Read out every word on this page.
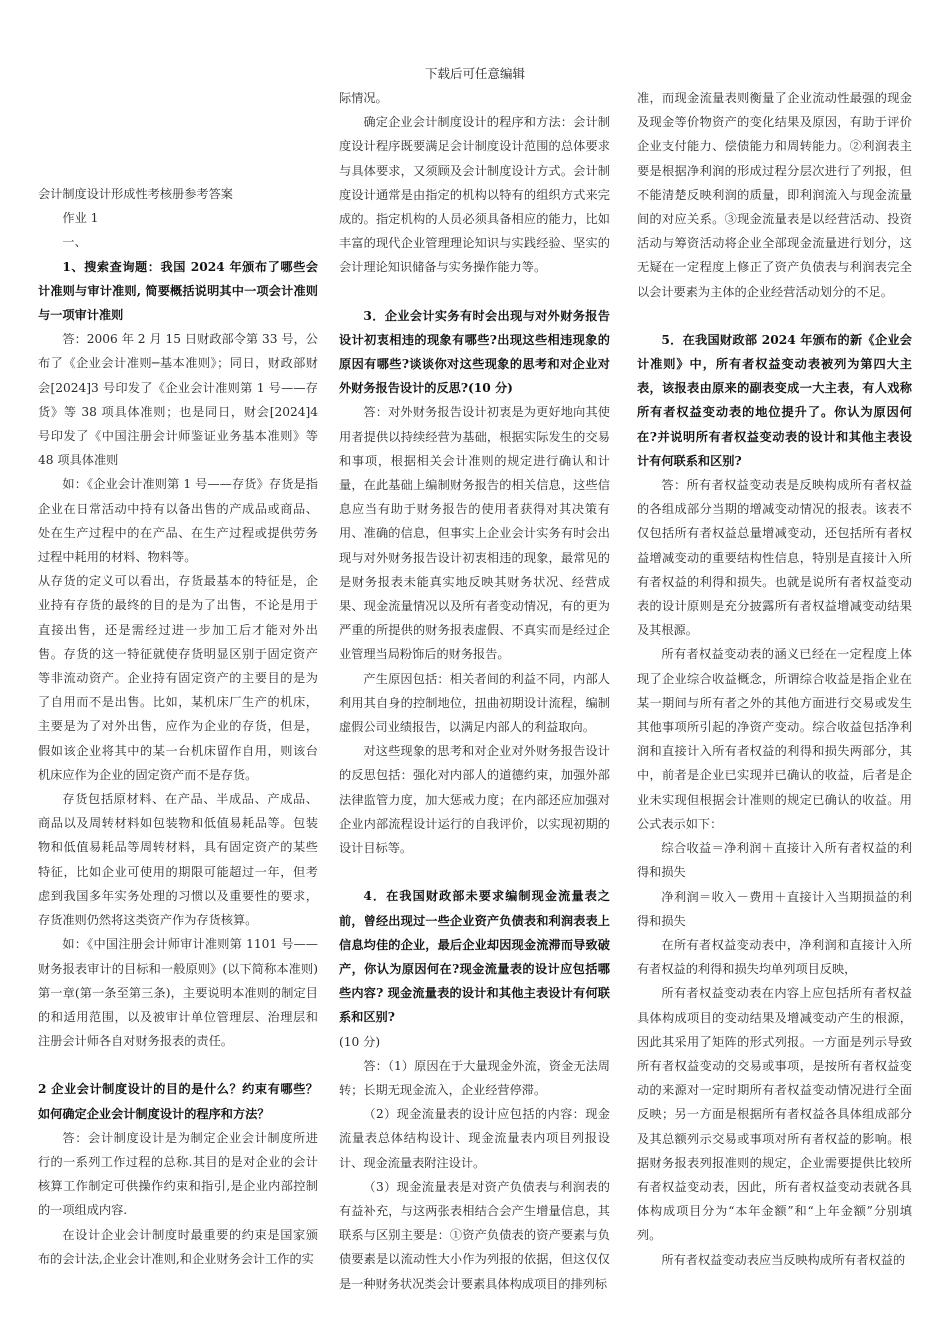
下载后可任意编辑

会计制度设计形成性考核册参考答案

作业 1

一、

1、搜索查询题：我国 2024 年颁布了哪些会计准则与审计准则, 简要概括说明其中一项会计准则与一项审计准则

答：2006 年 2 月 15 日财政部令第 33 号，公布了《企业会计准则─基本准则》；同日，财政部财会[2024]3 号印发了《企业会计准则第 1 号——存货》等 38 项具体准则；也是同日，财会[2024]4 号印发了《中国注册会计师鉴证业务基本准则》等 48 项具体准则

如：《企业会计准则第 1 号——存货》存货是指企业在日常活动中持有以备出售的产成品或商品、处在生产过程中的在产品、在生产过程或提供劳务过程中耗用的材料、物料等。

从存货的定义可以看出，存货最基本的特征是，企业持有存货的最终的目的是为了出售，不论是用于直接出售，还是需经过进一步加工后才能对外出售。存货的这一特征就使存货明显区别于固定资产等非流动资产。企业持有固定资产的主要目的是为了自用而不是出售。比如，某机床厂生产的机床，主要是为了对外出售，应作为企业的存货，但是，假如该企业将其中的某一台机床留作自用，则该台机床应作为企业的固定资产而不是存货。

存货包括原材料、在产品、半成品、产成品、商品以及周转材料如包装物和低值易耗品等。包装物和低值易耗品等周转材料，具有固定资产的某些特征，比如企业可使用的期限可能超过一年，但考虑到我国多年实务处理的习惯以及重要性的要求，存货准则仍然将这类资产作为存货核算。

如：《中国注册会计师审计准则第 1101 号——财务报表审计的目标和一般原则》(以下简称本准则)第一章(第一条至第三条)，主要说明本准则的制定目的和适用范围，以及被审计单位管理层、治理层和注册会计师各自对财务报表的责任。

2 企业会计制度设计的目的是什么？约束有哪些？如何确定企业会计制度设计的程序和方法？

答：会计制度设计是为制定企业会计制度所进行的一系列工作过程的总称.其目的是对企业的会计核算工作制定可供操作约束和指引,是企业内部控制的一项组成内容.

在设计企业会计制度时最重要的约束是国家颁布的会计法,企业会计准则,和企业财务会计工作的实

际情况。

确定企业会计制度设计的程序和方法：会计制度设计程序既要满足会计制度设计范围的总体要求与具体要求，又须顾及会计制度设计方式。会计制度设计通常是由指定的机构以特有的组织方式来完成的。指定机构的人员必须具备相应的能力，比如丰富的现代企业管理理论知识与实践经验、坚实的会计理论知识储备与实务操作能力等。

3．企业会计实务有时会出现与对外财务报告设计初衷相违的现象有哪些?出现这些相违现象的原因有哪些?谈谈你对这些现象的思考和对企业对外财务报告设计的反思?(10 分)

答：对外财务报告设计初衷是为更好地向其使用者提供以持续经营为基础，根据实际发生的交易和事项，根据相关会计准则的规定进行确认和计量，在此基础上编制财务报告的相关信息，这些信息应当有助于财务报告的使用者获得对其决策有用、准确的信息，但事实上企业会计实务有时会出现与对外财务报告设计初衷相违的现象，最常见的是财务报表未能真实地反映其财务状况、经营成果、现金流量情况以及所有者变动情况，有的更为严重的所提供的财务报表虚假、不真实而是经过企业管理当局粉饰后的财务报告。

产生原因包括：相关者间的利益不同，内部人利用其自身的控制地位，扭曲初期设计流程，编制虚假公司业绩报告，以满足内部人的利益取向。

对这些现象的思考和对企业对外财务报告设计的反思包括：强化对内部人的道德约束，加强外部法律监管力度，加大惩戒力度；在内部还应加强对企业内部流程设计运行的自我评价，以实现初期的设计目标等。

4．在我国财政部未要求编制现金流量表之前，曾经出现过一些企业资产负债表和利润表表上信息均佳的企业，最后企业却因现金流滞而导致破产，你认为原因何在?现金流量表的设计应包括哪些内容? 现金流量表的设计和其他主表设计有何联系和区别?

(10 分)

答：（1）原因在于大量现金外流，资金无法周转；长期无现金流入，企业经营停滞。

（2）现金流量表的设计应包括的内容：现金流量表总体结构设计、现金流量表内项目列报设计、现金流量表附注设计。

（3）现金流量表是对资产负债表与利润表的有益补充，与这两张表相结合会产生增量信息，其联系与区别主要是：①资产负债表的资产要素与负债要素是以流动性大小作为列报的依据，但这仅仅是一种财务状况类会计要素具体构成项目的排列标

准，而现金流量表则衡量了企业流动性最强的现金及现金等价物资产的变化结果及原因，有助于评价企业支付能力、偿债能力和周转能力。②利润表主要是根据净利润的形成过程分层次进行了列报，但不能清楚反映利润的质量，即利润流入与现金流量间的对应关系。③现金流量表是以经营活动、投资活动与筹资活动将企业全部现金流量进行划分，这无疑在一定程度上修正了资产负债表与利润表完全以会计要素为主体的企业经营活动划分的不足。

5．在我国财政部 2024 年颁布的新《企业会计准则》中，所有者权益变动表被列为第四大主表，该报表由原来的副表变成一大主表，有人戏称所有者权益变动表的地位提升了。你认为原因何在?并说明所有者权益变动表的设计和其他主表设计有何联系和区别?

答：所有者权益变动表是反映构成所有者权益的各组成部分当期的增减变动情况的报表。该表不仅包括所有者权益总量增减变动，还包括所有者权益增减变动的重要结构性信息，特别是直接计入所有者权益的利得和损失。也就是说所有者权益变动表的设计原则是充分披露所有者权益增减变动结果及其根源。

所有者权益变动表的涵义已经在一定程度上体现了企业综合收益概念，所谓综合收益是指企业在某一期间与所有者之外的其他方面进行交易或发生其他事项所引起的净资产变动。综合收益包括净利润和直接计入所有者权益的利得和损失两部分，其中，前者是企业已实现并已确认的收益，后者是企业未实现但根据会计准则的规定已确认的收益。用公式表示如下：

综合收益＝净利润＋直接计入所有者权益的利得和损失

净利润＝收入－费用＋直接计入当期损益的利得和损失

在所有者权益变动表中，净利润和直接计入所有者权益的利得和损失均单列项目反映，

所有者权益变动表在内容上应包括所有者权益具体构成项目的变动结果及增减变动产生的根源，因此其采用了矩阵的形式列报。一方面是列示导致所有者权益变动的交易或事项，是按所有者权益变动的来源对一定时期所有者权益变动情况进行全面反映；另一方面是根据所有者权益各具体组成部分及其总额列示交易或事项对所有者权益的影响。根据财务报表列报准则的规定，企业需要提供比较所有者权益变动表，因此，所有者权益变动表就各具体构成项目分为“本年金额”和“上年金额”分别填列。

所有者权益变动表应当反映构成所有者权益的
